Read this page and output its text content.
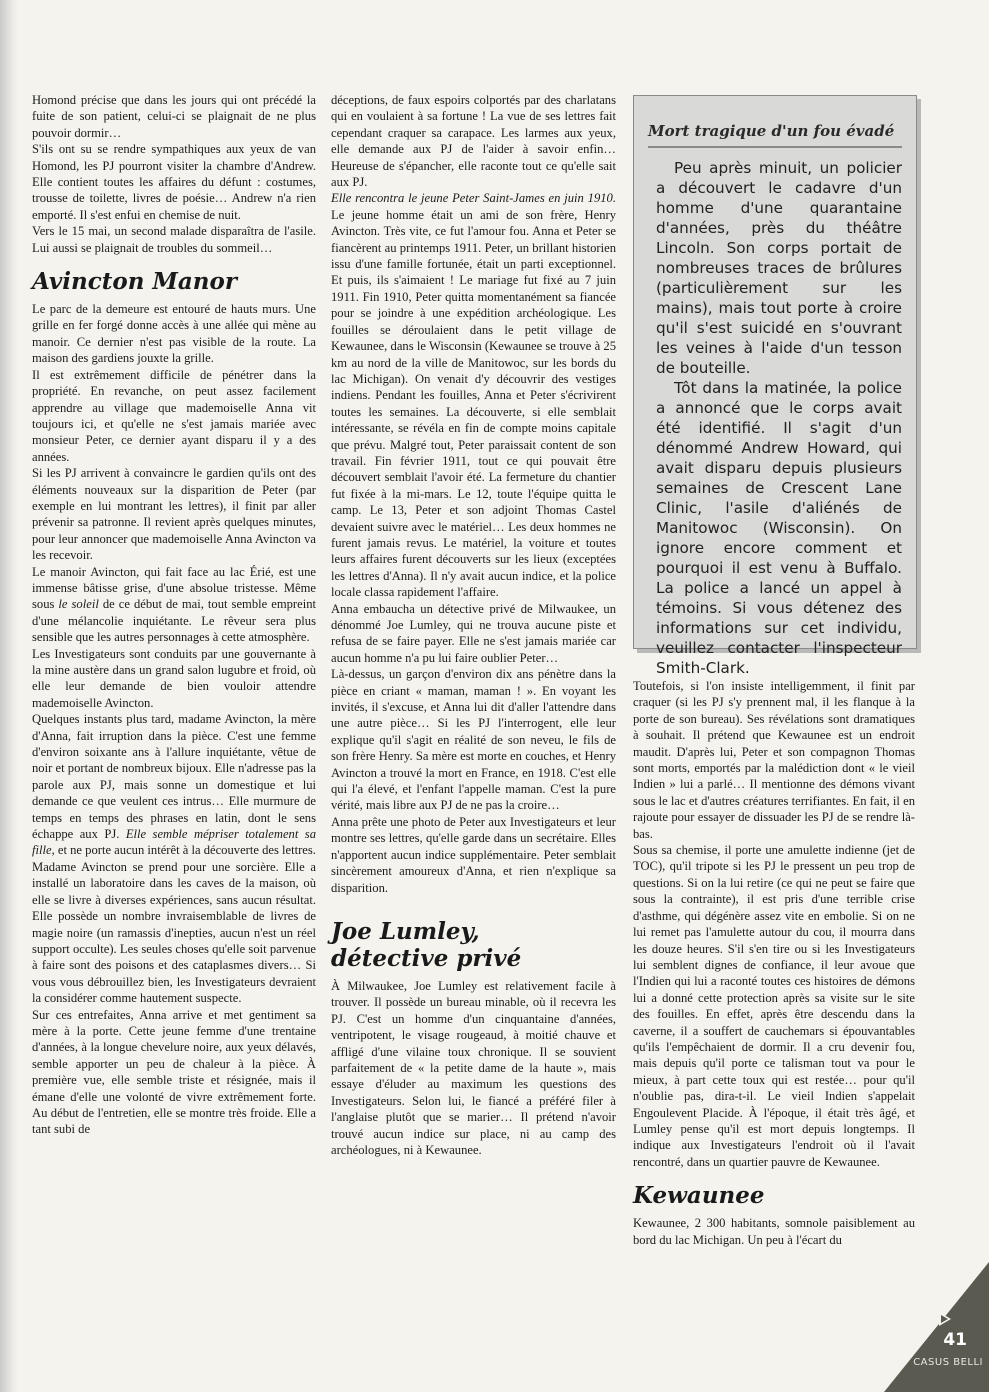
Homond précise que dans les jours qui ont précédé la fuite de son patient, celui-ci se plaignait de ne plus pouvoir dormir…

S'ils ont su se rendre sympathiques aux yeux de van Homond, les PJ pourront visiter la chambre d'Andrew. Elle contient toutes les affaires du défunt : costumes, trousse de toilette, livres de poésie… Andrew n'a rien emporté. Il s'est enfui en chemise de nuit.

Vers le 15 mai, un second malade disparaîtra de l'asile. Lui aussi se plaignait de troubles du sommeil…

Avincton Manor

Le parc de la demeure est entouré de hauts murs. Une grille en fer forgé donne accès à une allée qui mène au manoir. Ce dernier n'est pas visible de la route. La maison des gardiens jouxte la grille.

Il est extrêmement difficile de pénétrer dans la propriété. En revanche, on peut assez facilement apprendre au village que mademoiselle Anna vit toujours ici, et qu'elle ne s'est jamais mariée avec monsieur Peter, ce dernier ayant disparu il y a des années.

Si les PJ arrivent à convaincre le gardien qu'ils ont des éléments nouveaux sur la disparition de Peter (par exemple en lui montrant les lettres), il finit par aller prévenir sa patronne. Il revient après quelques minutes, pour leur annoncer que mademoiselle Anna Avincton va les recevoir.

Le manoir Avincton, qui fait face au lac Érié, est une immense bâtisse grise, d'une absolue tristesse. Même sous le soleil de ce début de mai, tout semble empreint d'une mélancolie inquiétante. Le rêveur sera plus sensible que les autres personnages à cette atmosphère.

Les Investigateurs sont conduits par une gouvernante à la mine austère dans un grand salon lugubre et froid, où elle leur demande de bien vouloir attendre mademoiselle Avincton.

Quelques instants plus tard, madame Avincton, la mère d'Anna, fait irruption dans la pièce. C'est une femme d'environ soixante ans à l'allure inquiétante, vêtue de noir et portant de nombreux bijoux. Elle n'adresse pas la parole aux PJ, mais sonne un domestique et lui demande ce que veulent ces intrus… Elle murmure de temps en temps des phrases en latin, dont le sens échappe aux PJ. Elle semble mépriser totalement sa fille, et ne porte aucun intérêt à la découverte des lettres.

Madame Avincton se prend pour une sorcière. Elle a installé un laboratoire dans les caves de la maison, où elle se livre à diverses expériences, sans aucun résultat. Elle possède un nombre invraisemblable de livres de magie noire (un ramassis d'inepties, aucun n'est un réel support occulte). Les seules choses qu'elle soit parvenue à faire sont des poisons et des cataplasmes divers… Si vous vous débrouillez bien, les Investigateurs devraient la considérer comme hautement suspecte.

Sur ces entrefaites, Anna arrive et met gentiment sa mère à la porte. Cette jeune femme d'une trentaine d'années, à la longue chevelure noire, aux yeux délavés, semble apporter un peu de chaleur à la pièce. À première vue, elle semble triste et résignée, mais il émane d'elle une volonté de vivre extrêmement forte. Au début de l'entretien, elle se montre très froide. Elle a tant subi de

déceptions, de faux espoirs colportés par des charlatans qui en voulaient à sa fortune ! La vue de ses lettres fait cependant craquer sa carapace. Les larmes aux yeux, elle demande aux PJ de l'aider à savoir enfin… Heureuse de s'épancher, elle raconte tout ce qu'elle sait aux PJ.

Elle rencontra le jeune Peter Saint-James en juin 1910. Le jeune homme était un ami de son frère, Henry Avincton. Très vite, ce fut l'amour fou. Anna et Peter se fiancèrent au printemps 1911. Peter, un brillant historien issu d'une famille fortunée, était un parti exceptionnel. Et puis, ils s'aimaient ! Le mariage fut fixé au 7 juin 1911. Fin 1910, Peter quitta momentanément sa fiancée pour se joindre à une expédition archéologique. Les fouilles se déroulaient dans le petit village de Kewaunee, dans le Wisconsin (Kewaunee se trouve à 25 km au nord de la ville de Manitowoc, sur les bords du lac Michigan). On venait d'y découvrir des vestiges indiens. Pendant les fouilles, Anna et Peter s'écrivirent toutes les semaines. La découverte, si elle semblait intéressante, se révéla en fin de compte moins capitale que prévu. Malgré tout, Peter paraissait content de son travail. Fin février 1911, tout ce qui pouvait être découvert semblait l'avoir été. La fermeture du chantier fut fixée à la mi-mars. Le 12, toute l'équipe quitta le camp. Le 13, Peter et son adjoint Thomas Castel devaient suivre avec le matériel… Les deux hommes ne furent jamais revus. Le matériel, la voiture et toutes leurs affaires furent découverts sur les lieux (exceptées les lettres d'Anna). Il n'y avait aucun indice, et la police locale classa rapidement l'affaire.

Anna embaucha un détective privé de Milwaukee, un dénommé Joe Lumley, qui ne trouva aucune piste et refusa de se faire payer. Elle ne s'est jamais mariée car aucun homme n'a pu lui faire oublier Peter…

Là-dessus, un garçon d'environ dix ans pénètre dans la pièce en criant « maman, maman ! ». En voyant les invités, il s'excuse, et Anna lui dit d'aller l'attendre dans une autre pièce… Si les PJ l'interrogent, elle leur explique qu'il s'agit en réalité de son neveu, le fils de son frère Henry. Sa mère est morte en couches, et Henry Avincton a trouvé la mort en France, en 1918. C'est elle qui l'a élevé, et l'enfant l'appelle maman. C'est la pure vérité, mais libre aux PJ de ne pas la croire…

Anna prête une photo de Peter aux Investigateurs et leur montre ses lettres, qu'elle garde dans un secrétaire. Elles n'apportent aucun indice supplémentaire. Peter semblait sincèrement amoureux d'Anna, et rien n'explique sa disparition.

Joe Lumley,
détective privé

À Milwaukee, Joe Lumley est relativement facile à trouver. Il possède un bureau minable, où il recevra les PJ. C'est un homme d'un cinquantaine d'années, ventripotent, le visage rougeaud, à moitié chauve et affligé d'une vilaine toux chronique. Il se souvient parfaitement de « la petite dame de la haute », mais essaye d'éluder au maximum les questions des Investigateurs. Selon lui, le fiancé a préféré filer à l'anglaise plutôt que se marier… Il prétend n'avoir trouvé aucun indice sur place, ni au camp des archéologues, ni à Kewaunee.

Mort tragique d'un fou évadé

Peu après minuit, un policier a découvert le cadavre d'un homme d'une quarantaine d'années, près du théâtre Lincoln. Son corps portait de nombreuses traces de brûlures (particulièrement sur les mains), mais tout porte à croire qu'il s'est suicidé en s'ouvrant les veines à l'aide d'un tesson de bouteille.

Tôt dans la matinée, la police a annoncé que le corps avait été identifié. Il s'agit d'un dénommé Andrew Howard, qui avait disparu depuis plusieurs semaines de Crescent Lane Clinic, l'asile d'aliénés de Manitowoc (Wisconsin). On ignore encore comment et pourquoi il est venu à Buffalo. La police a lancé un appel à témoins. Si vous détenez des informations sur cet individu, veuillez contacter l'inspecteur Smith-Clark.

Toutefois, si l'on insiste intelligemment, il finit par craquer (si les PJ s'y prennent mal, il les flanque à la porte de son bureau). Ses révélations sont dramatiques à souhait. Il prétend que Kewaunee est un endroit maudit. D'après lui, Peter et son compagnon Thomas sont morts, emportés par la malédiction dont « le vieil Indien » lui a parlé… Il mentionne des démons vivant sous le lac et d'autres créatures terrifiantes. En fait, il en rajoute pour essayer de dissuader les PJ de se rendre là-bas.

Sous sa chemise, il porte une amulette indienne (jet de TOC), qu'il tripote si les PJ le pressent un peu trop de questions. Si on la lui retire (ce qui ne peut se faire que sous la contrainte), il est pris d'une terrible crise d'asthme, qui dégénère assez vite en embolie. Si on ne lui remet pas l'amulette autour du cou, il mourra dans les douze heures. S'il s'en tire ou si les Investigateurs lui semblent dignes de confiance, il leur avoue que l'Indien qui lui a raconté toutes ces histoires de démons lui a donné cette protection après sa visite sur le site des fouilles. En effet, après être descendu dans la caverne, il a souffert de cauchemars si épouvantables qu'ils l'empêchaient de dormir. Il a cru devenir fou, mais depuis qu'il porte ce talisman tout va pour le mieux, à part cette toux qui est restée… pour qu'il n'oublie pas, dira-t-il. Le vieil Indien s'appelait Engoulevent Placide. À l'époque, il était très âgé, et Lumley pense qu'il est mort depuis longtemps. Il indique aux Investigateurs l'endroit où il l'avait rencontré, dans un quartier pauvre de Kewaunee.

Kewaunee

Kewaunee, 2 300 habitants, somnole paisiblement au bord du lac Michigan. Un peu à l'écart du

41
CASUS BELLI
